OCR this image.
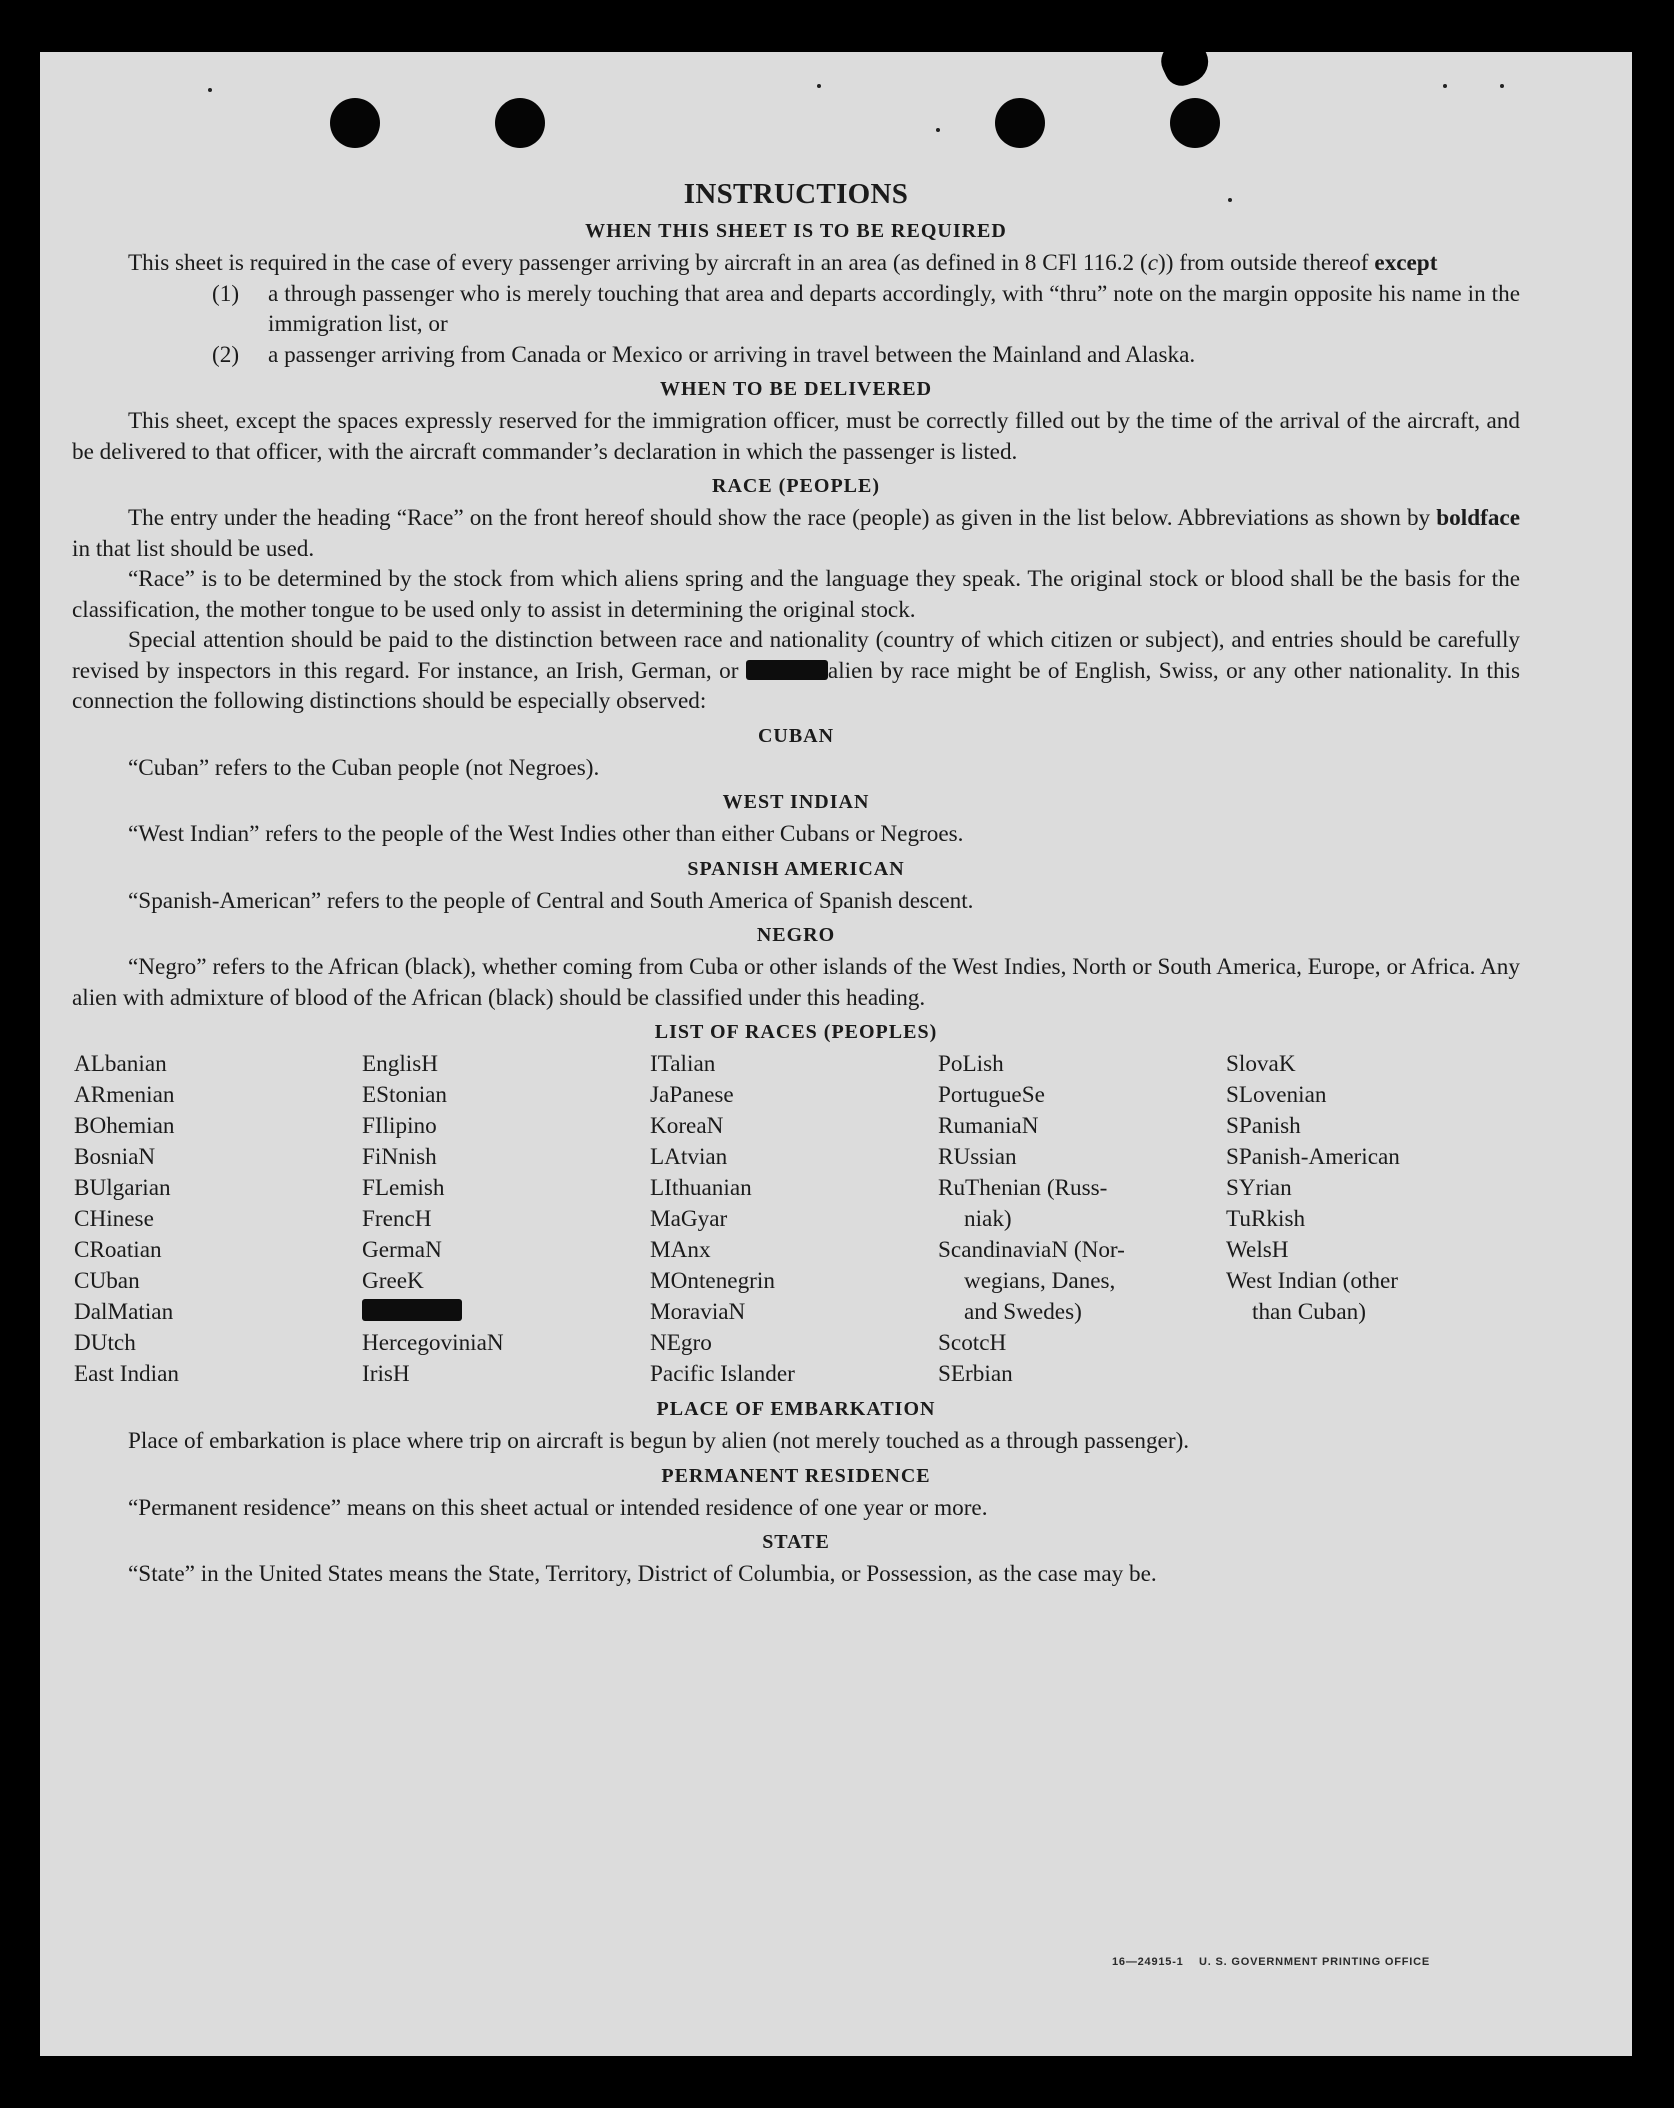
INSTRUCTIONS
WHEN THIS SHEET IS TO BE REQUIRED

This sheet is required in the case of every passenger arriving by aircraft in an area (as defined in 8 CFl 116.2 (c)) from outside thereof except

(1) a through passenger who is merely touching that area and departs accordingly, with “thru” note on the margin opposite his name in the immigration list, or

(2) a passenger arriving from Canada or Mexico or arriving in travel between the Mainland and Alaska.

WHEN TO BE DELIVERED

This sheet, except the spaces expressly reserved for the immigration officer, must be correctly filled out by the time of the arrival of the aircraft, and be delivered to that officer, with the aircraft commander’s declaration in which the passenger is listed.

RACE (PEOPLE)

The entry under the heading “Race” on the front hereof should show the race (people) as given in the list below. Abbreviations as shown by boldface in that list should be used.

“Race” is to be determined by the stock from which aliens spring and the language they speak. The original stock or blood shall be the basis for the classification, the mother tongue to be used only to assist in determining the original stock.

Special attention should be paid to the distinction between race and nationality (country of which citizen or subject), and entries should be carefully revised by inspectors in this regard. For instance, an Irish, German, or	alien by race might be of English, Swiss, or any other nationality. In this connection the following distinctions should be especially observed:

CUBAN

“Cuban” refers to the Cuban people (not Negroes).

WEST INDIAN

“West Indian” refers to the people of the West Indies other than either Cubans or Negroes.

SPANISH AMERICAN

“Spanish-American” refers to the people of Central and South America of Spanish descent.

NEGRO

“Negro” refers to the African (black), whether coming from Cuba or other islands of the West Indies, North or South America, Europe, or Africa. Any alien with admixture of blood of the African (black) should be classified under this heading.

LIST OF RACES (PEOPLES)
ALbanian
ARmenian
BOhemian
BosniaN
BUlgarian
CHinese
CRoatian
CUban
DalMatian
DUtch
East Indian
EnglisH
EStonian
FIlipino
FiNnish
FLemish
FrencH
GermaN
GreeK
HercegoviniaN
IrisH
ITalian
JaPanese
KoreaN
LAtvian
LIthuanian
MaGyar
MAnx
MOntenegrin
MoraviaN
NEgro
Pacific Islander
PoLish
PortugueSe
RumaniaN
RUssian
RuThenian (Russ-
niak)
ScandinaviaN (Nor-
wegians, Danes,
and Swedes)
ScotcH
SErbian
SlovaK
SLovenian
SPanish
SPanish-American
SYrian
TuRkish
WelsH
West Indian (other
than Cuban)
PLACE OF EMBARKATION

Place of embarkation is place where trip on aircraft is begun by alien (not merely touched as a through passenger).

PERMANENT RESIDENCE

“Permanent residence” means on this sheet actual or intended residence of one year or more.

STATE

“State” in the United States means the State, Territory, District of Columbia, or Possession, as the case may be.

16—24915-1 U. S. GOVERNMENT PRINTING OFFICE
